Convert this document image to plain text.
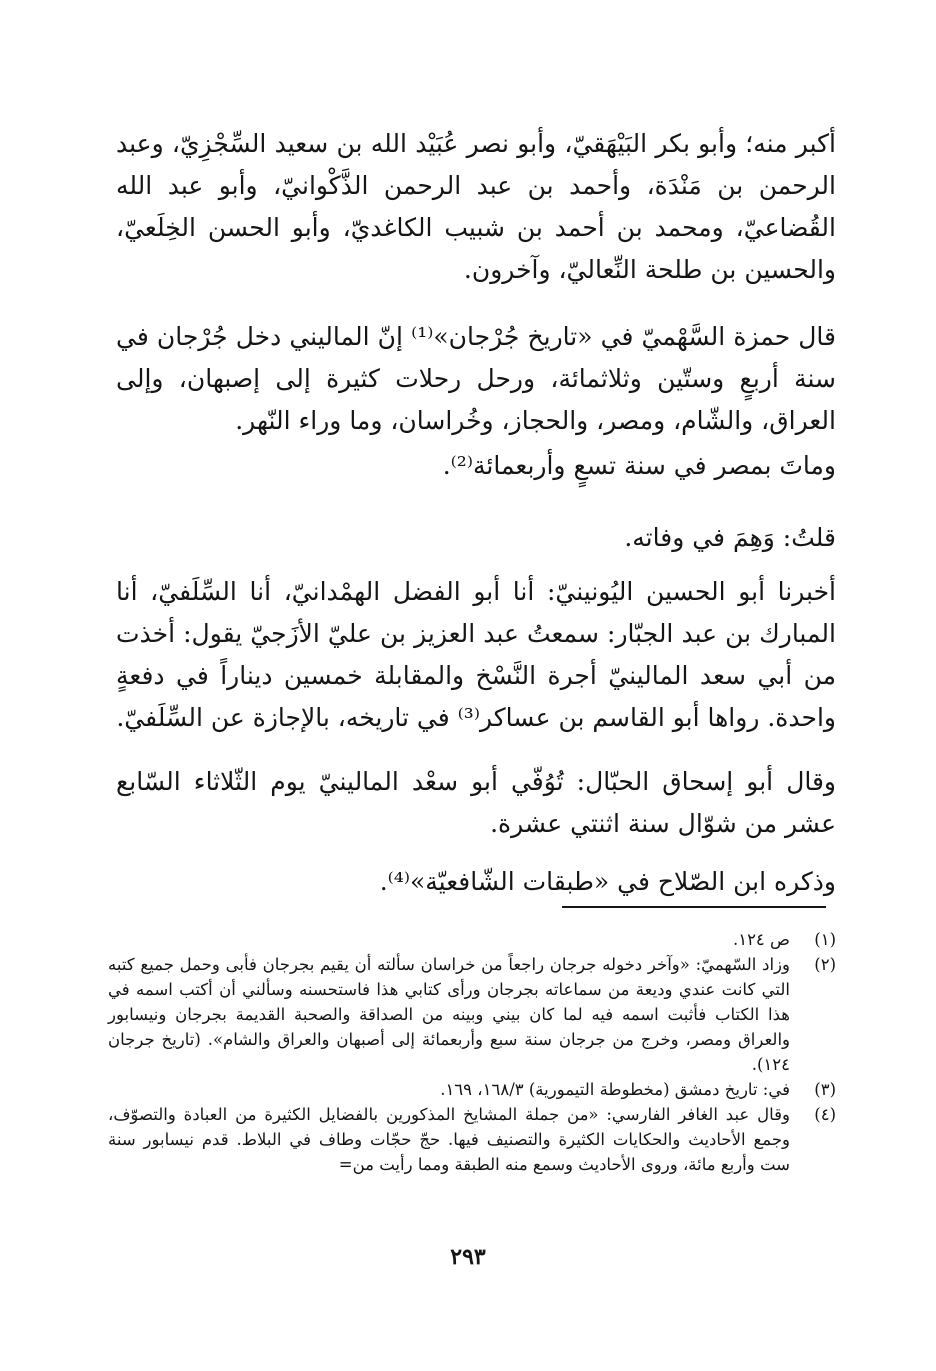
أكبر منه؛ وأبو بكر البَيْهَقيّ، وأبو نصر عُبَيْد الله بن سعيد السِّجْزِيّ، وعبد الرحمن بن مَنْدَة، وأحمد بن عبد الرحمن الذَّكْوانيّ، وأبو عبد الله القُضاعيّ، ومحمد بن أحمد بن شبيب الكاغديّ، وأبو الحسن الخِلَعيّ، والحسين بن طلحة النِّعاليّ، وآخرون.

قال حمزة السَّهْميّ في «تاريخ جُرْجان»⁽¹⁾ إنّ الماليني دخل جُرْجان في سنة أربعٍ وستّين وثلاثمائة، ورحل رحلات كثيرة إلى إصبهان، وإلى العراق، والشّام، ومصر، والحجاز، وخُراسان، وما وراء النّهر.

وماتَ بمصر في سنة تسعٍ وأربعمائة⁽²⁾.

قلتُ: وَهِمَ في وفاته.

أخبرنا أبو الحسين اليُونينيّ: أنا أبو الفضل الهمْدانيّ، أنا السِّلَفيّ، أنا المبارك بن عبد الجبّار: سمعتُ عبد العزيز بن عليّ الأزَجيّ يقول: أخذت من أبي سعد المالينيّ أجرة النَّسْخ والمقابلة خمسين ديناراً في دفعةٍ واحدة. رواها أبو القاسم بن عساكر⁽³⁾ في تاريخه، بالإجازة عن السِّلَفيّ.

وقال أبو إسحاق الحبّال: تُوُفّي أبو سعْد المالينيّ يوم الثّلاثاء السّابع عشر من شوّال سنة اثنتي عشرة.

وذكره ابن الصّلاح في «طبقات الشّافعيّة»⁽⁴⁾.

(١)
ص ١٢٤.
(٢)
وزاد السّهميّ: «وآخر دخوله جرجان راجعاً من خراسان سألته أن يقيم بجرجان فأبى وحمل جميع كتبه التي كانت عندي وديعة من سماعاته بجرجان ورأى كتابي هذا فاستحسنه وسألني أن أكتب اسمه في هذا الكتاب فأثبت اسمه فيه لما كان بيني وبينه من الصداقة والصحبة القديمة بجرجان ونيسابور والعراق ومصر، وخرج من جرجان سنة سبع وأربعمائة إلى أصبهان والعراق والشام». (تاريخ جرجان ١٢٤).
(٣)
في: تاريخ دمشق (مخطوطة التيمورية) ١٦٨/٣، ١٦٩.
(٤)
وقال عبد الغافر الفارسي: «من جملة المشايخ المذكورين بالفضايل الكثيرة من العبادة والتصوّف، وجمع الأحاديث والحكايات الكثيرة والتصنيف فيها. حجّ حجّات وطاف في البلاط. قدم نيسابور سنة ست وأربع مائة، وروى الأحاديث وسمع منه الطبقة ومما رأيت من=
٢٩٣
